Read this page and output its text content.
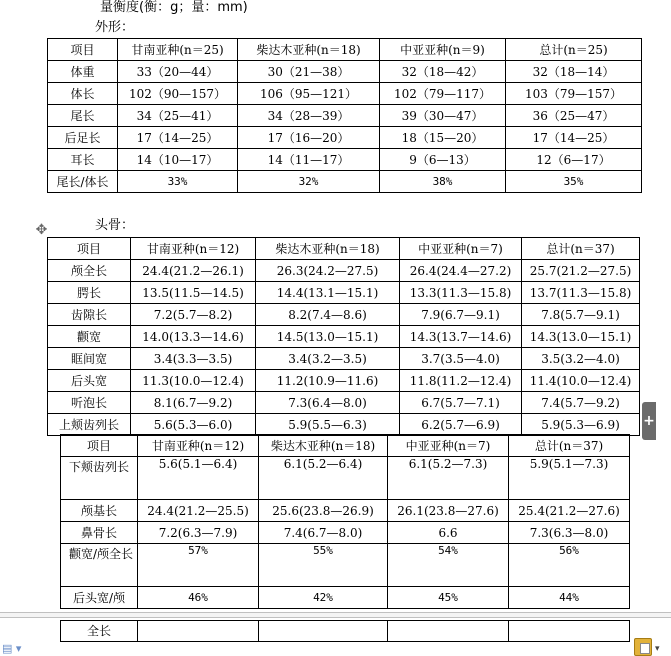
量衡度(衡：g；量：mm)
外形：
项目	甘南亚种(n＝25)	柴达木亚种(n＝18)	中亚亚种(n＝9)	总计(n＝25)
体重	33（20—44）	30（21—38）	32（18—42）	32（18—14）
体长	102（90—157）	106（95—121）	102（79—117）	103（79—157）
尾长	34（25—41）	34（28—39）	39（30—47）	36（25—47）
后足长	17（14—25）	17（16—20）	18（15—20）	17（14—25）
耳长	14（10—17）	14（11—17）	9（6—13）	12（6—17）
尾长/体长	33%	32%	38%	35%
✥	头骨：
项目	甘南亚种(n＝12)	柴达木亚种(n＝18)	中亚亚种(n＝7)	总计(n＝37)
颅全长	24.4(21.2—26.1)	26.3(24.2—27.5)	26.4(24.4—27.2)	25.7(21.2—27.5)
腭长	13.5(11.5—14.5)	14.4(13.1—15.1)	13.3(11.3—15.8)	13.7(11.3—15.8)
齿隙长	7.2(5.7—8.2)	8.2(7.4—8.6)	7.9(6.7—9.1)	7.8(5.7—9.1)
颧宽	14.0(13.3—14.6)	14.5(13.0—15.1)	14.3(13.7—14.6)	14.3(13.0—15.1)
眶间宽	3.4(3.3—3.5)	3.4(3.2—3.5)	3.7(3.5—4.0)	3.5(3.2—4.0)
后头宽	11.3(10.0—12.4)	11.2(10.9—11.6)	11.8(11.2—12.4)	11.4(10.0—12.4)
听泡长	8.1(6.7—9.2)	7.3(6.4—8.0)	6.7(5.7—7.1)	7.4(5.7—9.2)
上颊齿列长	5.6(5.3—6.0)	5.9(5.5—6.3)	6.2(5.7—6.9)	5.9(5.3—6.9) +
项目	甘南亚种(n＝12)	柴达木亚种(n＝18)	中亚亚种(n＝7)	总计(n＝37)
下颊齿列长	5.6(5.1—6.4)	6.1(5.2—6.4)	6.1(5.2—7.3)	5.9(5.1—7.3)
颅基长	24.4(21.2—25.5)	25.6(23.8—26.9)	26.1(23.8—27.6)	25.4(21.2—27.6)
鼻骨长	7.2(6.3—7.9)	7.4(6.7—8.0)	6.6	7.3(6.3—8.0)
颧宽/颅全长	57%	55%	54%	56%
后头宽/颅	46%	42%	45%	44%
全长				
▤ ▾	▾
